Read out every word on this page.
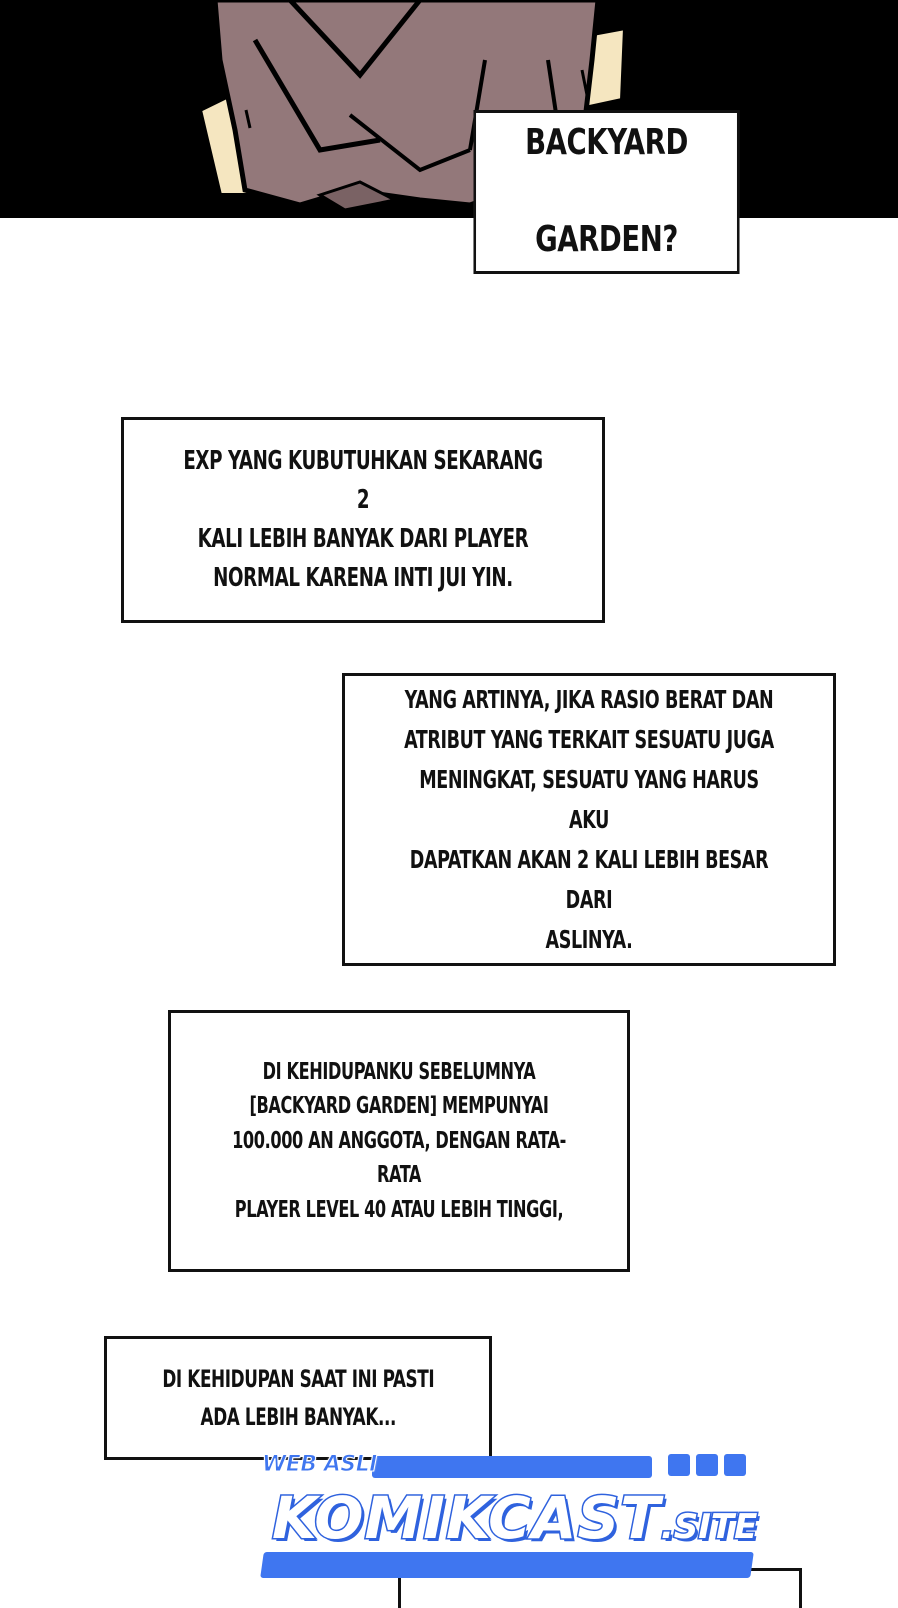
BACKYARD

GARDEN?

EXP YANG KUBUTUHKAN SEKARANG 2
KALI LEBIH BANYAK DARI PLAYER
NORMAL KARENA INTI JUI YIN.
YANG ARTINYA, JIKA RASIO BERAT DAN
ATRIBUT YANG TERKAIT SESUATU JUGA
MENINGKAT, SESUATU YANG HARUS AKU
DAPATKAN AKAN 2 KALI LEBIH BESAR DARI
ASLINYA.
DI KEHIDUPANKU SEBELUMNYA
[BACKYARD GARDEN] MEMPUNYAI
100.000 AN ANGGOTA, DENGAN RATA-RATA
PLAYER LEVEL 40 ATAU LEBIH TINGGI,
DI KEHIDUPAN SAAT INI PASTI
ADA LEBIH BANYAK...
WEB ASLI
KOMIKCAST.SITE
